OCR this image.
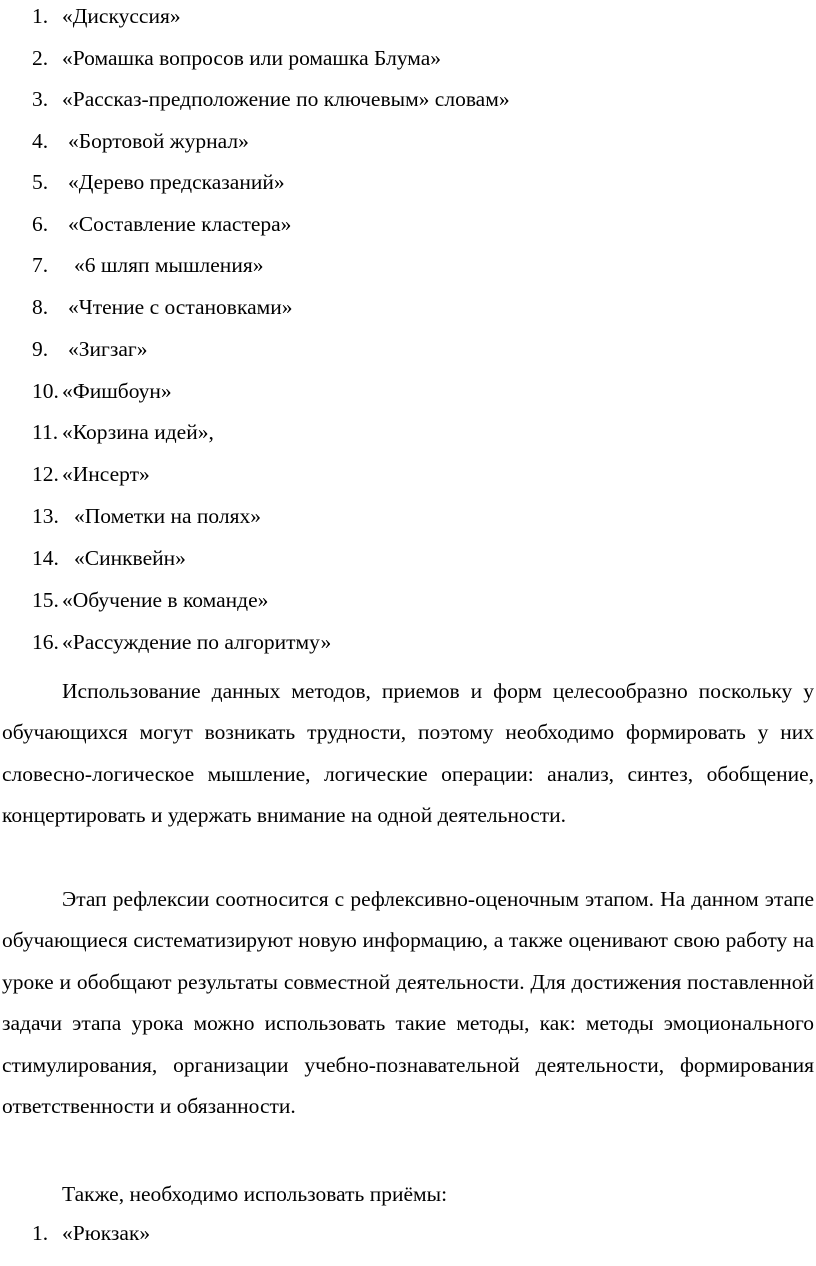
1. «Дискуссия»
2. «Ромашка вопросов или ромашка Блума»
3. «Рассказ-предположение по ключевым» словам»
4. «Бортовой журнал»
5. «Дерево предсказаний»
6. «Составление кластера»
7. «6 шляп мышления»
8. «Чтение с остановками»
9. «Зигзаг»
10. «Фишбоун»
11. «Корзина идей»,
12. «Инсерт»
13. «Пометки на полях»
14. «Синквейн»
15. «Обучение в команде»
16. «Рассуждение по алгоритму»

Использование данных методов, приемов и форм целесообразно поскольку у обучающихся могут возникать трудности, поэтому необходимо формировать у них словесно-логическое мышление, логические операции: анализ, синтез, обобщение, концертировать и удержать внимание на одной деятельности.

Этап рефлексии соотносится с рефлексивно-оценочным этапом. На данном этапе обучающиеся систематизируют новую информацию, а также оценивают свою работу на уроке и обобщают результаты совместной деятельности. Для достижения поставленной задачи этапа урока можно использовать такие методы, как: методы эмоционального стимулирования, организации учебно-познавательной деятельности, формирования ответственности и обязанности.

Также, необходимо использовать приёмы:

1. «Рюкзак»
